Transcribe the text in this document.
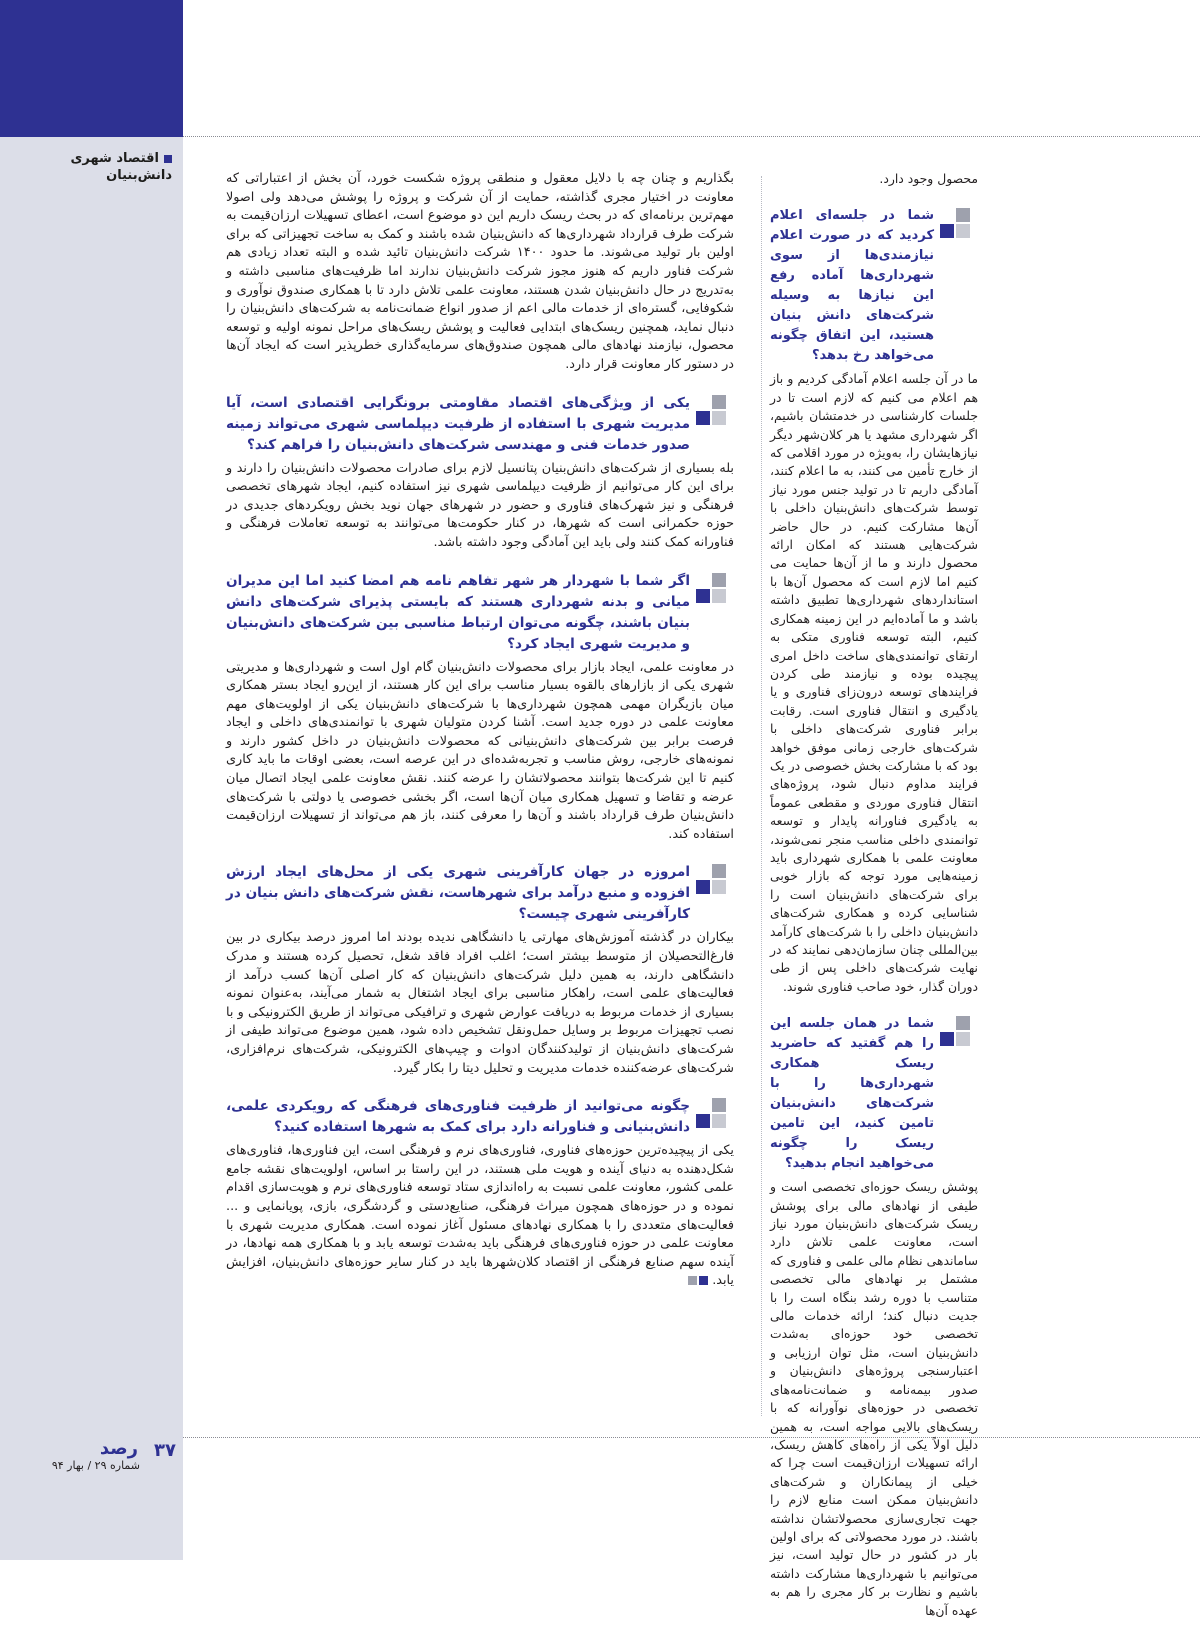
اقتصاد شهری دانش‌بنیان
۳۷
رصد
شماره ۲۹ / بهار ۹۴

محصول وجود دارد.

شما در جلسه‌ای اعلام کردید که در صورت اعلام نیازمندی‌ها از سوی شهرداری‌ها آماده رفع این نیازها به وسیله شرکت‌های دانش بنیان هستید، این اتفاق چگونه می‌خواهد رخ بدهد؟

ما در آن جلسه اعلام آمادگی کردیم و باز هم اعلام می کنیم که لازم است تا در جلسات کارشناسی در خدمتشان باشیم، اگر شهرداری مشهد یا هر کلان‌شهر دیگر نیازهایشان را، به‌ویژه در مورد اقلامی که از خارج تأمین می کنند، به ما اعلام کنند، آمادگی داریم تا در تولید جنس مورد نیاز توسط شرکت‌های دانش‌بنیان داخلی با آن‌ها مشارکت کنیم. در حال حاضر شرکت‌هایی هستند که امکان ارائه محصول دارند و ما از آن‌ها حمایت می کنیم اما لازم است که محصول آن‌ها با استانداردهای شهرداری‌ها تطبیق داشته باشد و ما آماده‌ایم در این زمینه همکاری کنیم، البته توسعه فناوری متکی به ارتقای توانمندی‌های ساخت داخل امری پیچیده بوده و نیازمند طی کردن فرایندهای توسعه درون‌زای فناوری و یا یادگیری و انتقال فناوری است. رقابت برابر فناوری شرکت‌های داخلی با شرکت‌های خارجی زمانی موفق خواهد بود که با مشارکت بخش خصوصی در یک فرایند مداوم دنبال شود، پروژه‌های انتقال فناوری موردی و مقطعی عموماً به یادگیری فناورانه پایدار و توسعه توانمندی داخلی مناسب منجر نمی‌شوند، معاونت علمی با همکاری شهرداری باید زمینه‌هایی مورد توجه که بازار خوبی برای شرکت‌های دانش‌بنیان است را شناسایی کرده و همکاری شرکت‌های دانش‌بنیان داخلی را با شرکت‌های کارآمد بین‌المللی چنان سازمان‌دهی نمایند که در نهایت شرکت‌های داخلی پس از طی دوران گذار، خود صاحب فناوری شوند.

شما در همان جلسه این را هم گفتید که حاضرید ریسک همکاری شهرداری‌ها را با شرکت‌های دانش‌بنیان تامین کنید، این تامین ریسک را چگونه می‌خواهید انجام بدهید؟

پوشش ریسک حوزه‌ای تخصصی است و طیفی از نهادهای مالی برای پوشش ریسک شرکت‌های دانش‌بنیان مورد نیاز است، معاونت علمی تلاش دارد ساماندهی نظام مالی علمی و فناوری که مشتمل بر نهادهای مالی تخصصی متناسب با دوره رشد بنگاه است را با جدیت دنبال کند؛ ارائه خدمات مالی تخصصی خود حوزه‌ای به‌شدت دانش‌بنیان است، مثل توان ارزیابی و اعتبارسنجی پروژه‌های دانش‌بنیان و صدور بیمه‌نامه و ضمانت‌نامه‌های تخصصی در حوزه‌های نوآورانه که با ریسک‌های بالایی مواجه است، به همین دلیل اولاً یکی از راه‌های کاهش ریسک، ارائه تسهیلات ارزان‌قیمت است چرا که خیلی از پیمانکاران و شرکت‌های دانش‌بنیان ممکن است منابع لازم را جهت تجاری‌سازی محصولاتشان نداشته باشند. در مورد محصولاتی که برای اولین بار در کشور در حال تولید است، نیز می‌توانیم با شهرداری‌ها مشارکت داشته باشیم و نظارت بر کار مجری را هم به عهده آن‌ها

بگذاریم و چنان چه با دلایل معقول و منطقی پروژه شکست خورد، آن بخش از اعتباراتی که معاونت در اختیار مجری گذاشته، حمایت از آن شرکت و پروژه را پوشش می‌دهد ولی اصولا مهم‌ترین برنامه‌ای که در بحث ریسک داریم این دو موضوع است، اعطای تسهیلات ارزان‌قیمت به شرکت طرف قرارداد شهرداری‌ها که دانش‌بنیان شده باشند و کمک به ساخت تجهیزاتی که برای اولین بار تولید می‌شوند. ما حدود ۱۴۰۰ شرکت دانش‌بنیان تائید شده و البته تعداد زیادی هم شرکت فناور داریم که هنوز مجوز شرکت دانش‌بنیان ندارند اما ظرفیت‌های مناسبی داشته و به‌تدریج در حال دانش‌بنیان شدن هستند، معاونت علمی تلاش دارد تا با همکاری صندوق نوآوری و شکوفایی، گستره‌ای از خدمات مالی اعم از صدور انواع ضمانت‌نامه به شرکت‌های دانش‌بنیان را دنبال نماید، همچنین ریسک‌های ابتدایی فعالیت و پوشش ریسک‌های مراحل نمونه اولیه و توسعه محصول، نیازمند نهادهای مالی همچون صندوق‌های سرمایه‌گذاری خطرپذیر است که ایجاد آن‌ها در دستور کار معاونت قرار دارد.

یکی از ویژگی‌های اقتصاد مقاومتی برونگرایی اقتصادی است، آیا مدیریت شهری با استفاده از ظرفیت دیپلماسی شهری می‌تواند زمینه صدور خدمات فنی و مهندسی شرکت‌های دانش‌بنیان را فراهم کند؟

بله بسیاری از شرکت‌های دانش‌بنیان پتانسیل لازم برای صادرات محصولات دانش‌بنیان را دارند و برای این کار می‌توانیم از ظرفیت دیپلماسی شهری نیز استفاده کنیم، ایجاد شهرهای تخصصی فرهنگی و نیز شهرک‌های فناوری و حضور در شهرهای جهان نوید بخش رویکردهای جدیدی در حوزه حکمرانی است که شهرها، در کنار حکومت‌ها می‌توانند به توسعه تعاملات فرهنگی و فناورانه کمک کنند ولی باید این آمادگی وجود داشته باشد.

اگر شما با شهردار هر شهر تفاهم نامه هم امضا کنید اما این مدیران میانی و بدنه شهرداری هستند که بایستی پذیرای شرکت‌های دانش بنیان باشند، چگونه می‌توان ارتباط مناسبی بین شرکت‌های دانش‌بنیان و مدیریت شهری ایجاد کرد؟

در معاونت علمی، ایجاد بازار برای محصولات دانش‌بنیان گام اول است و شهرداری‌ها و مدیریتی شهری یکی از بازارهای بالقوه بسیار مناسب برای این کار هستند، از این‌رو ایجاد بستر همکاری میان بازیگران مهمی همچون شهرداری‌ها با شرکت‌های دانش‌بنیان یکی از اولویت‌های مهم معاونت علمی در دوره جدید است. آشنا کردن متولیان شهری با توانمندی‌های داخلی و ایجاد فرصت برابر بین شرکت‌های دانش‌بنیانی که محصولات دانش‌بنیان در داخل کشور دارند و نمونه‌های خارجی، روش مناسب و تجربه‌شده‌ای در این عرصه است، بعضی اوقات ما باید کاری کنیم تا این شرکت‌ها بتوانند محصولاتشان را عرضه کنند. نقش معاونت علمی ایجاد اتصال میان عرضه و تقاضا و تسهیل همکاری میان آن‌ها است، اگر بخشی خصوصی یا دولتی با شرکت‌های دانش‌بنیان طرف قرارداد باشند و آن‌ها را معرفی کنند، باز هم می‌تواند از تسهیلات ارزان‌قیمت استفاده کند.

امروزه در جهان کارآفرینی شهری یکی از محل‌های ایجاد ارزش افزوده و منبع درآمد برای شهرهاست، نقش شرکت‌های دانش بنیان در کارآفرینی شهری چیست؟

بیکاران در گذشته آموزش‌های مهارتی یا دانشگاهی ندیده بودند اما امروز درصد بیکاری در بین فارغ‌التحصیلان از متوسط بیشتر است؛ اغلب افراد فاقد شغل، تحصیل کرده هستند و مدرک دانشگاهی دارند، به همین دلیل شرکت‌های دانش‌بنیان که کار اصلی آن‌ها کسب درآمد از فعالیت‌های علمی است، راهکار مناسبی برای ایجاد اشتغال به شمار می‌آیند، به‌عنوان نمونه بسیاری از خدمات مربوط به دریافت عوارض شهری و ترافیکی می‌تواند از طریق الکترونیکی و با نصب تجهیزات مربوط بر وسایل حمل‌ونقل تشخیص داده شود، همین موضوع می‌تواند طیفی از شرکت‌های دانش‌بنیان از تولیدکنندگان ادوات و چیپ‌های الکترونیکی، شرکت‌های نرم‌افزاری، شرکت‌های عرضه‌کننده خدمات مدیریت و تحلیل دیتا را بکار گیرد.

چگونه می‌توانید از ظرفیت فناوری‌های فرهنگی که رویکردی علمی، دانش‌بنیانی و فناورانه دارد برای کمک به شهرها استفاده کنید؟

یکی از پیچیده‌ترین حوزه‌های فناوری، فناوری‌های نرم و فرهنگی است، این فناوری‌ها، فناوری‌های شکل‌دهنده به دنیای آینده و هویت ملی هستند، در این راستا بر اساس، اولویت‌های نقشه جامع علمی کشور، معاونت علمی نسبت به راه‌اندازی ستاد توسعه فناوری‌های نرم و هویت‌سازی اقدام نموده و در حوزه‌های همچون میراث فرهنگی، صنایع‌دستی و گردشگری، بازی، پویانمایی و ... فعالیت‌های متعددی را با همکاری نهادهای مسئول آغاز نموده است. همکاری مدیریت شهری با معاونت علمی در حوزه فناوری‌های فرهنگی باید به‌شدت توسعه یابد و با همکاری همه نهادها، در آینده سهم صنایع فرهنگی از اقتصاد کلان‌شهرها باید در کنار سایر حوزه‌های دانش‌بنیان، افزایش یابد.
